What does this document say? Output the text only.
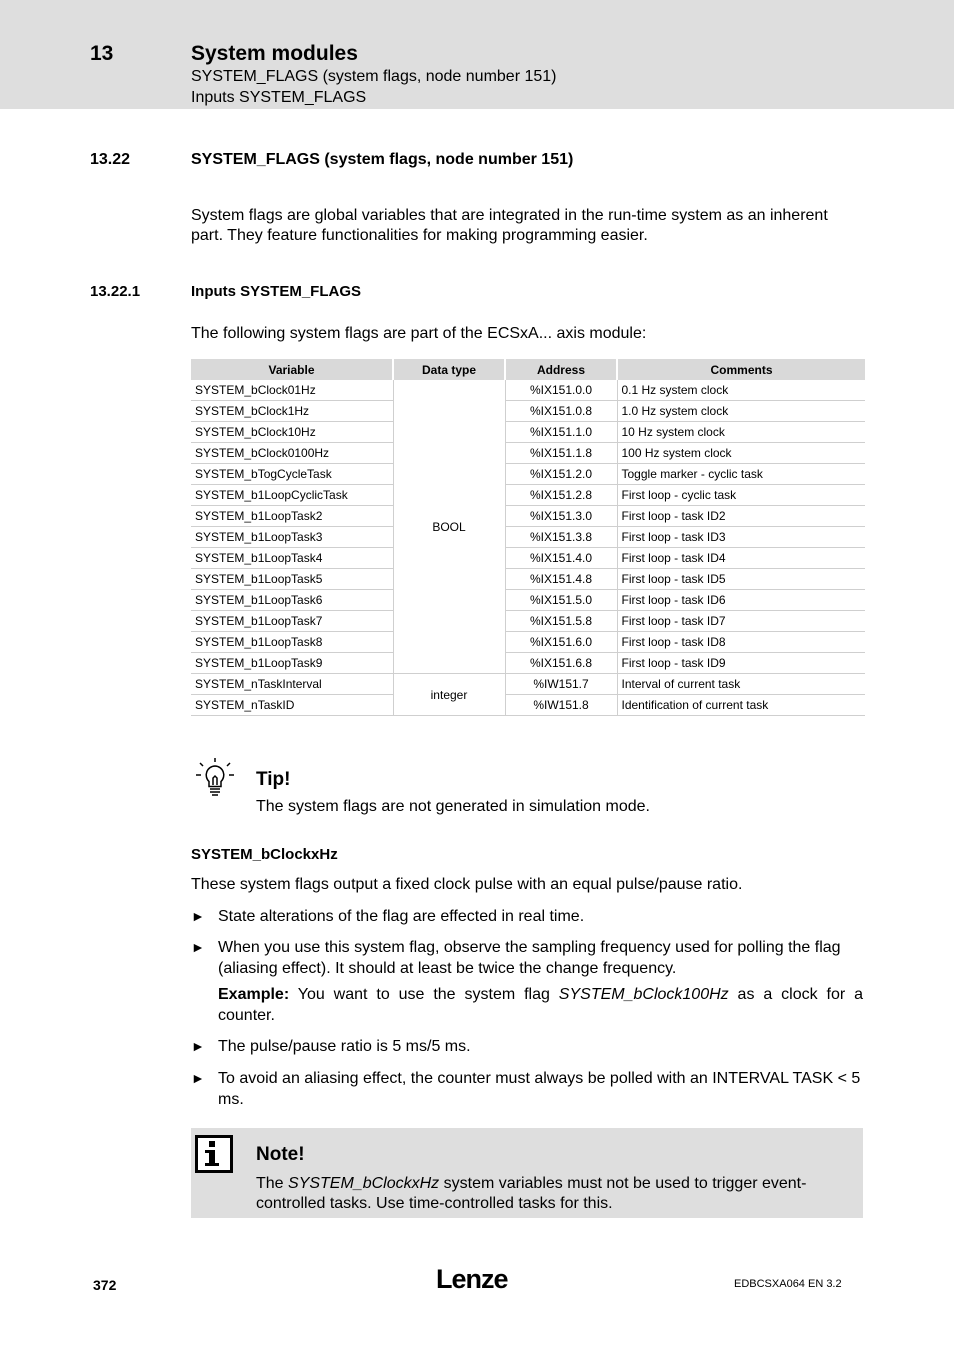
13	System modules
SYSTEM_FLAGS (system flags, node number 151)
Inputs SYSTEM_FLAGS
13.22	SYSTEM_FLAGS (system flags, node number 151)
System flags are global variables that are integrated in the run-time system as an inherent part. They feature functionalities for making programming easier.
13.22.1	Inputs SYSTEM_FLAGS
The following system flags are part of the ECSxA... axis module:
Variable	Data type	Address	Comments
SYSTEM_bClock01Hz	BOOL	%IX151.0.0	0.1 Hz system clock
SYSTEM_bClock1Hz		%IX151.0.8	1.0 Hz system clock
SYSTEM_bClock10Hz		%IX151.1.0	10 Hz system clock
SYSTEM_bClock0100Hz		%IX151.1.8	100 Hz system clock
SYSTEM_bTogCycleTask		%IX151.2.0	Toggle marker - cyclic task
SYSTEM_b1LoopCyclicTask		%IX151.2.8	First loop - cyclic task
SYSTEM_b1LoopTask2		%IX151.3.0	First loop - task ID2
SYSTEM_b1LoopTask3		%IX151.3.8	First loop - task ID3
SYSTEM_b1LoopTask4		%IX151.4.0	First loop - task ID4
SYSTEM_b1LoopTask5		%IX151.4.8	First loop - task ID5
SYSTEM_b1LoopTask6		%IX151.5.0	First loop - task ID6
SYSTEM_b1LoopTask7		%IX151.5.8	First loop - task ID7
SYSTEM_b1LoopTask8		%IX151.6.0	First loop - task ID8
SYSTEM_b1LoopTask9		%IX151.6.8	First loop - task ID9
SYSTEM_nTaskInterval	integer	%IW151.7	Interval of current task
SYSTEM_nTaskID		%IW151.8	Identification of current task
Tip!
The system flags are not generated in simulation mode.
SYSTEM_bClockxHz
These system flags output a fixed clock pulse with an equal pulse/pause ratio.
► State alterations of the flag are effected in real time.
► When you use this system flag, observe the sampling frequency used for polling the flag (aliasing effect). It should at least be twice the change frequency.
Example: You want to use the system flag SYSTEM_bClock100Hz as a clock for a counter.
► The pulse/pause ratio is 5 ms/5 ms.
► To avoid an aliasing effect, the counter must always be polled with an INTERVAL TASK < 5 ms.
Note!
The SYSTEM_bClockxHz system variables must not be used to trigger event-controlled tasks. Use time-controlled tasks for this.
372	Lenze	EDBCSXA064 EN 3.2
